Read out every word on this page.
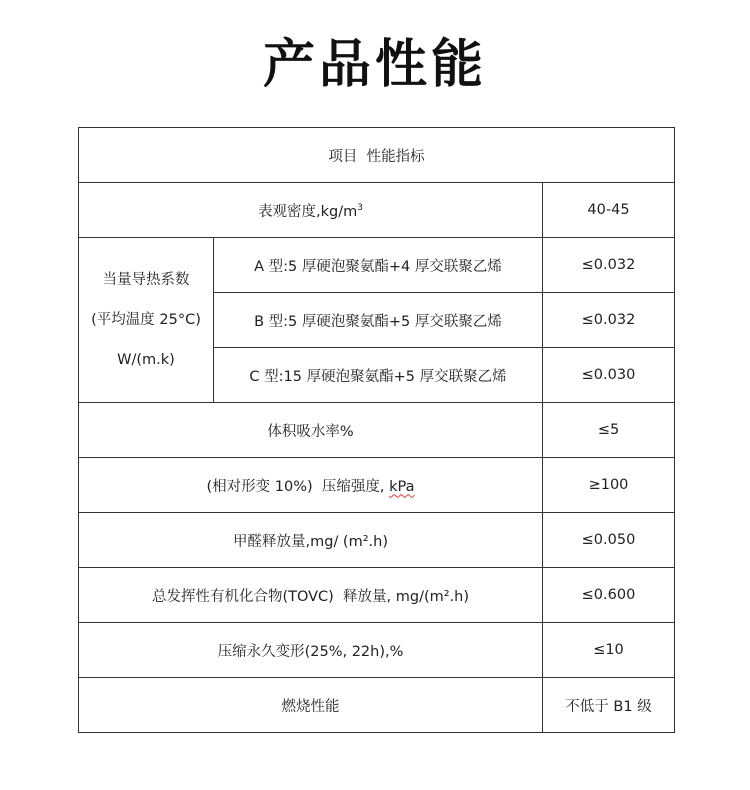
产品性能
项目  性能指标		
表观密度$,kg/m^3$		40-45

当量导热系数
(平均温度 25°C)
W/(m.k)	A 型:5 厚硬泡聚氨酯+4 厚交联聚乙烯	≤0.032
	B 型:5 厚硬泡聚氨酯+5 厚交联聚乙烯	≤0.032
	C 型:15 厚硬泡聚氨酯+5 厚交联聚乙烯	≤0.030
体积吸水率%		≤5
(相对形变 10%)  压缩强度, kPa		≥100
甲醛释放量,mg/ (m².h)		≤0.050
总发挥性有机化合物(TOVC)  释放量, mg/(m².h)		≤0.600
压缩永久变形(25%, 22h),%		≤10
燃烧性能		不低于 B1 级
